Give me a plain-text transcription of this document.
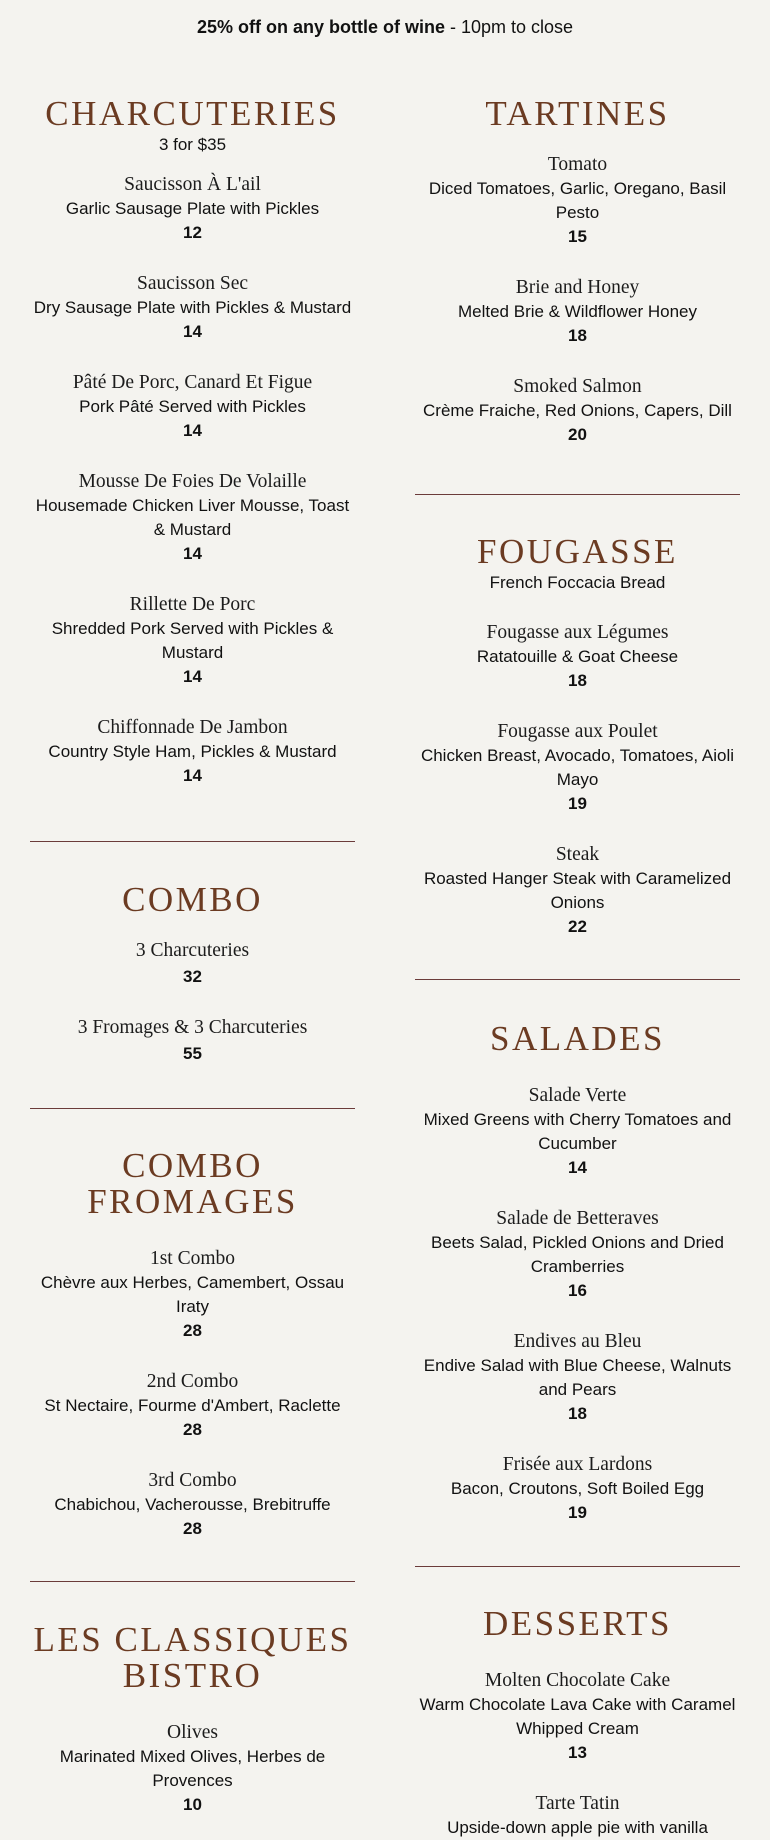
25% off on any bottle of wine - 10pm to close
CHARCUTERIES
3 for $35
Saucisson À L'ail
Garlic Sausage Plate with Pickles
12
Saucisson Sec
Dry Sausage Plate with Pickles & Mustard
14
Pâté De Porc, Canard Et Figue
Pork Pâté Served with Pickles
14
Mousse De Foies De Volaille
Housemade Chicken Liver Mousse, Toast & Mustard
14
Rillette De Porc
Shredded Pork Served with Pickles & Mustard
14
Chiffonnade De Jambon
Country Style Ham, Pickles & Mustard
14
COMBO
3 Charcuteries
32
3 Fromages & 3 Charcuteries
55
COMBO FROMAGES
1st Combo
Chèvre aux Herbes, Camembert, Ossau Iraty
28
2nd Combo
St Nectaire, Fourme d'Ambert, Raclette
28
3rd Combo
Chabichou, Vacherousse, Brebitruffe
28
LES CLASSIQUES BISTRO
Olives
Marinated Mixed Olives, Herbes de Provences
10
TARTINES
Tomato
Diced Tomatoes, Garlic, Oregano, Basil Pesto
15
Brie and Honey
Melted Brie & Wildflower Honey
18
Smoked Salmon
Crème Fraiche, Red Onions, Capers, Dill
20
FOUGASSE
French Foccacia Bread
Fougasse aux Légumes
Ratatouille & Goat Cheese
18
Fougasse aux Poulet
Chicken Breast, Avocado, Tomatoes, Aioli Mayo
19
Steak
Roasted Hanger Steak with Caramelized Onions
22
SALADES
Salade Verte
Mixed Greens with Cherry Tomatoes and Cucumber
14
Salade de Betteraves
Beets Salad, Pickled Onions and Dried Cramberries
16
Endives au Bleu
Endive Salad with Blue Cheese, Walnuts and Pears
18
Frisée aux Lardons
Bacon, Croutons, Soft Boiled Egg
19
DESSERTS
Molten Chocolate Cake
Warm Chocolate Lava Cake with Caramel Whipped Cream
13
Tarte Tatin
Upside-down apple pie with vanilla
